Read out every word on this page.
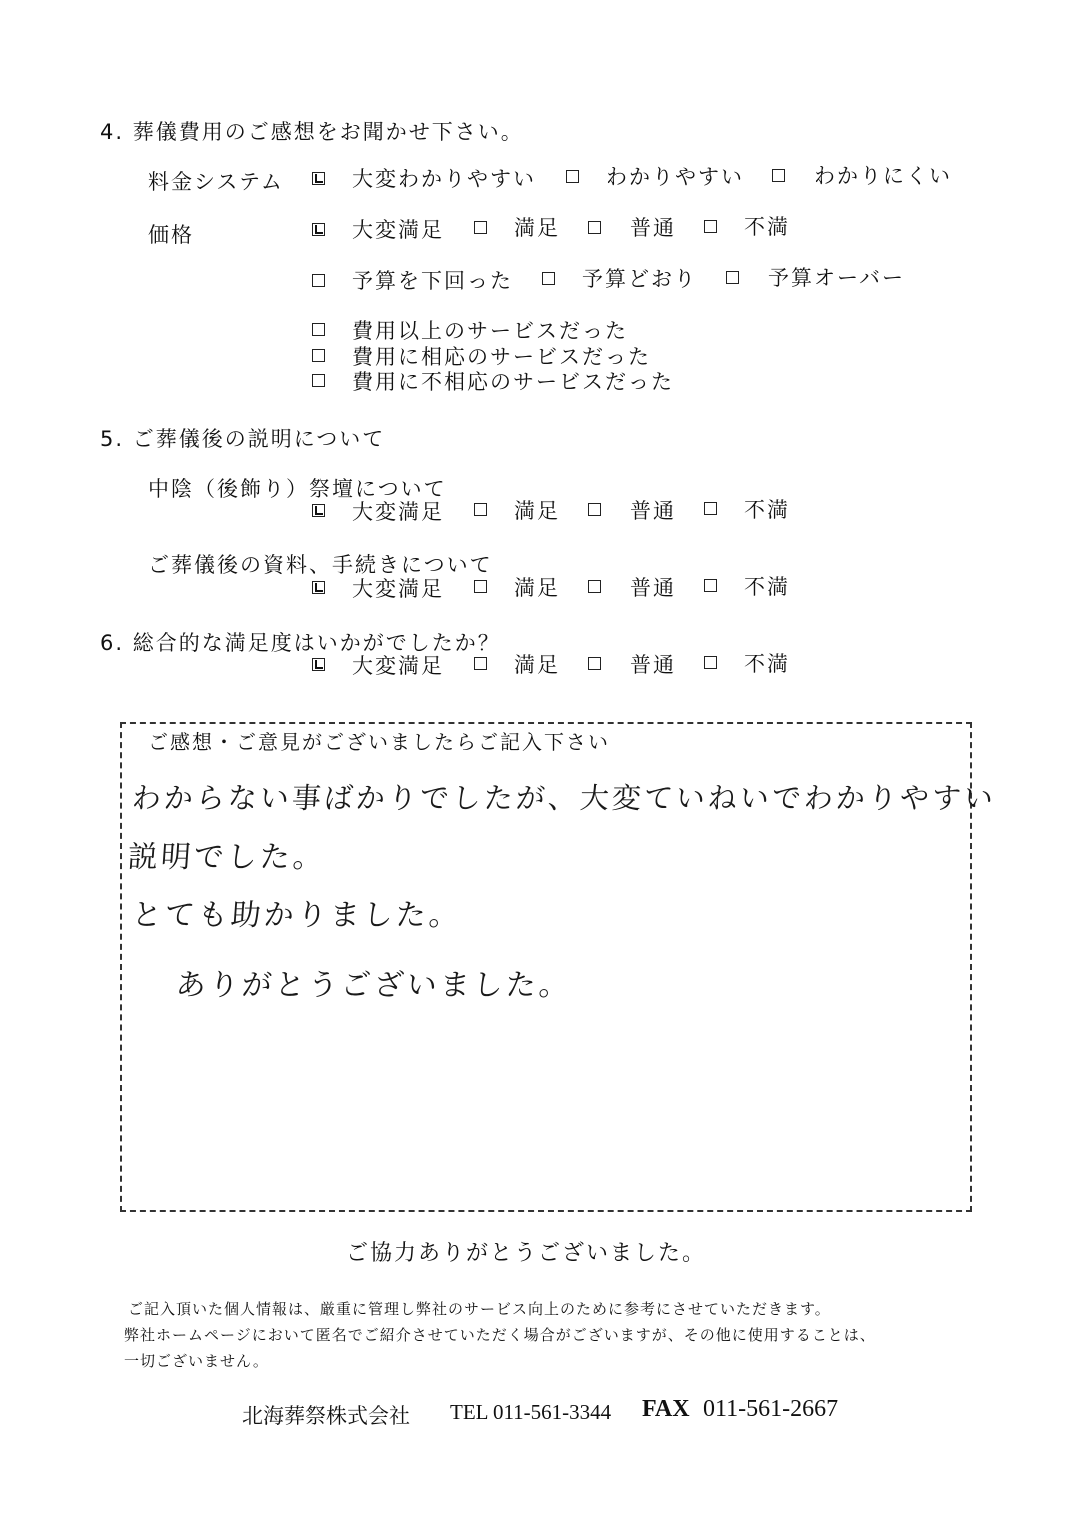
4. 葬儀費用のご感想をお聞かせ下さい。
料金システム	大変わかりやすい	わかりやすい	わかりにくい
価格	大変満足	満足	普通	不満
予算を下回った	予算どおり	予算オーバー
費用以上のサービスだった
費用に相応のサービスだった
費用に不相応のサービスだった
5. ご葬儀後の説明について
中陰（後飾り）祭壇について
大変満足	満足	普通	不満
ご葬儀後の資料、手続きについて
大変満足	満足	普通	不満
6. 総合的な満足度はいかがでしたか？
大変満足	満足	普通	不満
ご感想・ご意見がございましたらご記入下さい
わからない事ばかりでしたが、大変ていねいでわかりやすい
説明でした。
とても助かりました。
ありがとうございました。
ご協力ありがとうございました。
ご記入頂いた個人情報は、厳重に管理し弊社のサービス向上のために参考にさせていただきます。
弊社ホームページにおいて匿名でご紹介させていただく場合がございますが、その他に使用することは、
一切ございません。
北海葬祭株式会社 TEL 011-561-3344 FAX 011-561-2667
